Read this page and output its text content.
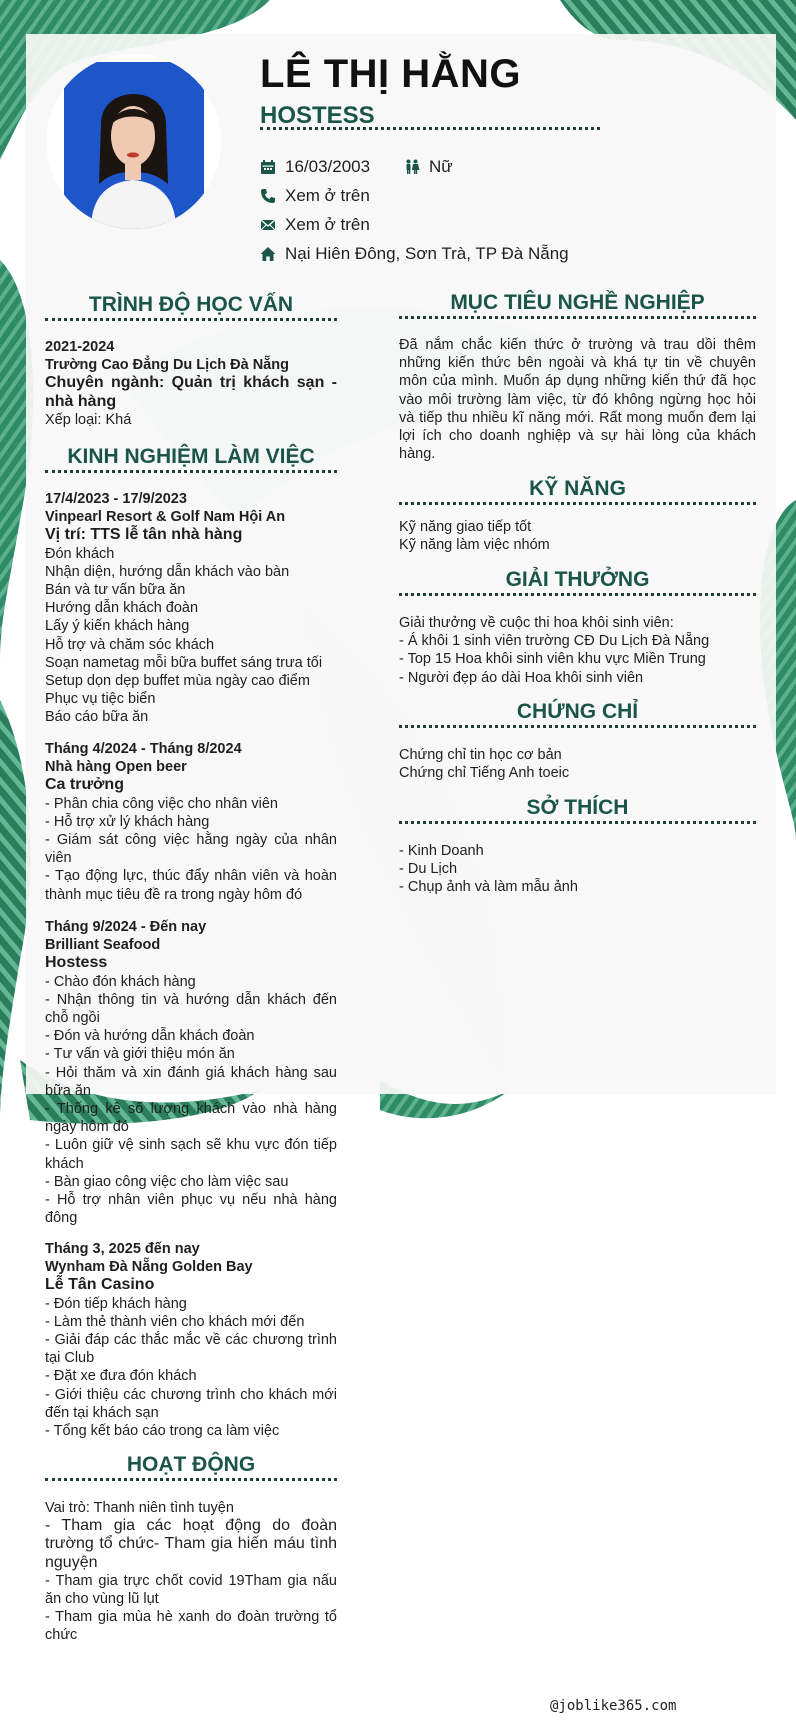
LÊ THỊ HẰNG
HOSTESS
16/03/2003	Nữ
Xem ở trên
Xem ở trên
Nại Hiên Đông, Sơn Trà, TP Đà Nẵng
TRÌNH ĐỘ HỌC VẤN
2021-2024
Trường Cao Đẳng Du Lịch Đà Nẵng
Chuyên ngành: Quản trị khách sạn - nhà hàng
Xếp loại: Khá
KINH NGHIỆM LÀM VIỆC
17/4/2023 - 17/9/2023
Vinpearl Resort & Golf Nam Hội An
Vị trí: TTS lễ tân nhà hàng
Đón khách
Nhận diện, hướng dẫn khách vào bàn
Bán và tư vấn bữa ăn
Hướng dẫn khách đoàn
Lấy ý kiến khách hàng
Hỗ trợ và chăm sóc khách
Soạn nametag mỗi bữa buffet sáng trưa tối
Setup dọn dẹp buffet mùa ngày cao điểm
Phục vụ tiệc biển
Báo cáo bữa ăn
Tháng 4/2024 - Tháng 8/2024
Nhà hàng Open beer
Ca trưởng
- Phân chia công việc cho nhân viên
- Hỗ trợ xử lý khách hàng
- Giám sát công việc hằng ngày của nhân viên
- Tạo động lực, thúc đẩy nhân viên và hoàn thành mục tiêu đề ra trong ngày hôm đó
Tháng 9/2024 - Đến nay
Brilliant Seafood
Hostess
- Chào đón khách hàng
- Nhận thông tin và hướng dẫn khách đến chỗ ngồi
- Đón và hướng dẫn khách đoàn
- Tư vấn và giới thiệu món ăn
- Hỏi thăm và xin đánh giá khách hàng sau bữa ăn
- Thống kê số lượng khách vào nhà hàng ngày hôm đó
- Luôn giữ vệ sinh sạch sẽ khu vực đón tiếp khách
- Bàn giao công việc cho làm việc sau
- Hỗ trợ nhân viên phục vụ nếu nhà hàng đông
Tháng 3, 2025 đến nay
Wynham Đà Nẵng Golden Bay
Lễ Tân Casino
- Đón tiếp khách hàng
- Làm thẻ thành viên cho khách mới đến
- Giải đáp các thắc mắc về các chương trình tại Club
- Đặt xe đưa đón khách
- Giới thiệu các chương trình cho khách mới đến tại khách sạn
- Tổng kết báo cáo trong ca làm việc
HOẠT ĐỘNG
Vai trò: Thanh niên tình tuyện
- Tham gia các hoạt động do đoàn trường tổ chức- Tham gia hiến máu tình nguyện
- Tham gia trực chốt covid 19Tham gia nấu ăn cho vùng lũ lụt
- Tham gia mùa hè xanh do đoàn trường tổ chức
MỤC TIÊU NGHỀ NGHIỆP
Đã nắm chắc kiến thức ở trường và trau dồi thêm những kiến thức bên ngoài và khá tự tin về chuyên môn của mình. Muốn áp dụng những kiến thứ đã học vào môi trường làm việc, từ đó không ngừng học hỏi và tiếp thu nhiều kĩ năng mới. Rất mong muốn đem lại lợi ích cho doanh nghiệp và sự hài lòng của khách hàng.
KỸ NĂNG
Kỹ năng giao tiếp tốt
Kỹ năng làm việc nhóm
GIẢI THƯỞNG
Giải thưởng về cuộc thi hoa khôi sinh viên:
- Á khôi 1 sinh viên trường CĐ Du Lịch Đà Nẵng
- Top 15 Hoa khôi sinh viên khu vực Miền Trung
- Người đẹp áo dài Hoa khôi sinh viên
CHỨNG CHỈ
Chứng chỉ tin học cơ bản
Chứng chỉ Tiếng Anh toeic
SỞ THÍCH
- Kinh Doanh
- Du Lịch
- Chụp ảnh và làm mẫu ảnh
@joblike365.com
